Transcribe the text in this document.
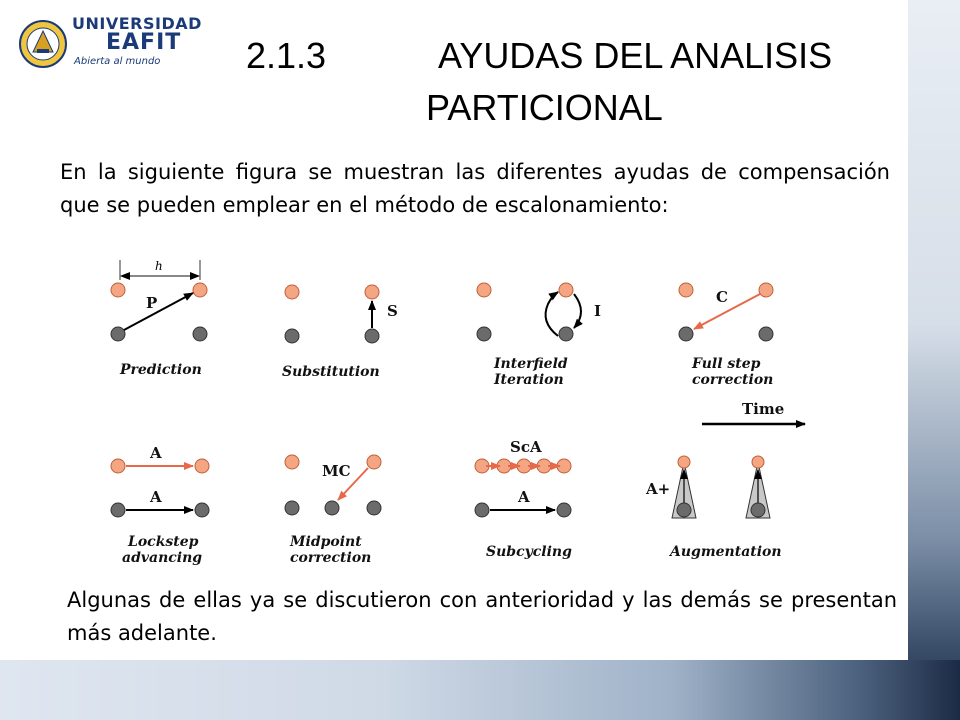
UNIVERSIDAD
EAFIT
Abierta al mundo 2.1.3	AYUDAS DEL ANALISIS
PARTICIONAL
En la siguiente figura se muestran las diferentes ayudas de compensación que se pueden emplear en el método de escalonamiento:
h
P
Prediction
S
Substitution
I
Interfield
Iteration
C
Full step
correction
Time
A
A
Lockstep
advancing
MC
Midpoint
correction
ScA
A
Subcycling
A+
Augmentation
Algunas de ellas ya se discutieron con anterioridad y las demás se presentan más adelante.
